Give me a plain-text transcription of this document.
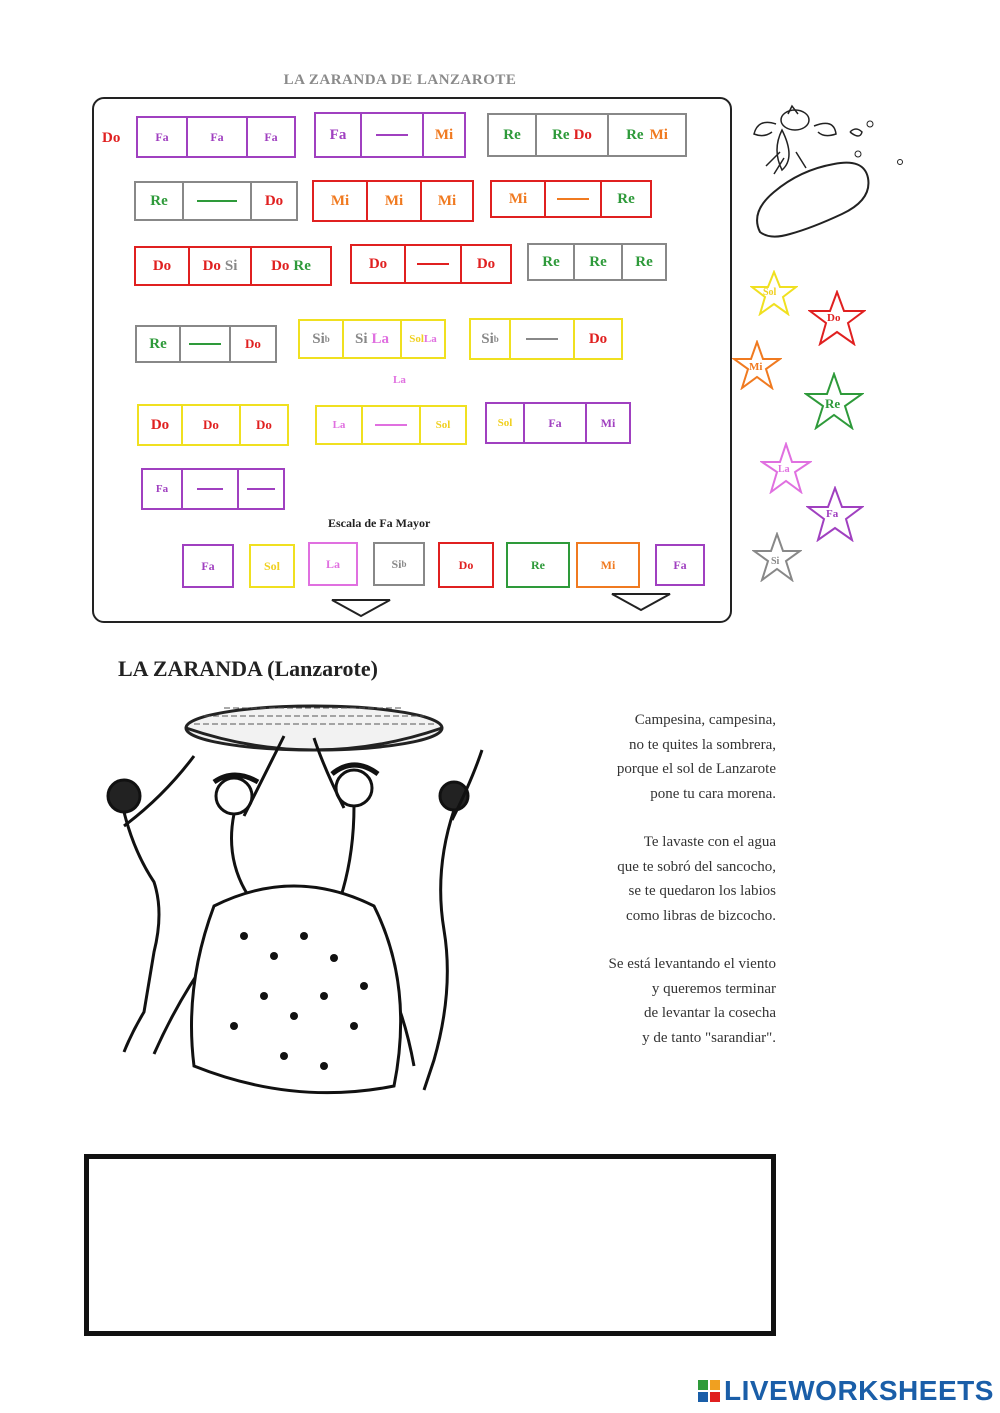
LA ZARANDA DE LANZAROTE
Do	Fa	Fa	Fa	Fa	Mi	Re	Re Do Re Mi
Re	Do	Mi	Mi	Mi	Mi	Re
Do	Do Si Do Re	Do	Do	Re	Re	Re
Re	Do	Si b Si La Sol La	Si b	Do
La
Do	Do	Do	La	Sol	Sol	Fa	Mi
Fa
Escala de Fa Mayor
Fa	Sol	La	Si b	Do	Re	Mi	Fa
Sol
Do
Mi
Re
La
Fa
Si
LA ZARANDA (Lanzarote)

Campesina, campesina,
no te quites la sombrera,
porque el sol de Lanzarote
pone tu cara morena.

Te lavaste con el agua
que te sobró del sancocho,
se te quedaron los labios
como libras de bizcocho.

Se está levantando el viento
y queremos terminar
de levantar la cosecha
y de tanto "sarandiar".

LIVEWORKSHEETS
